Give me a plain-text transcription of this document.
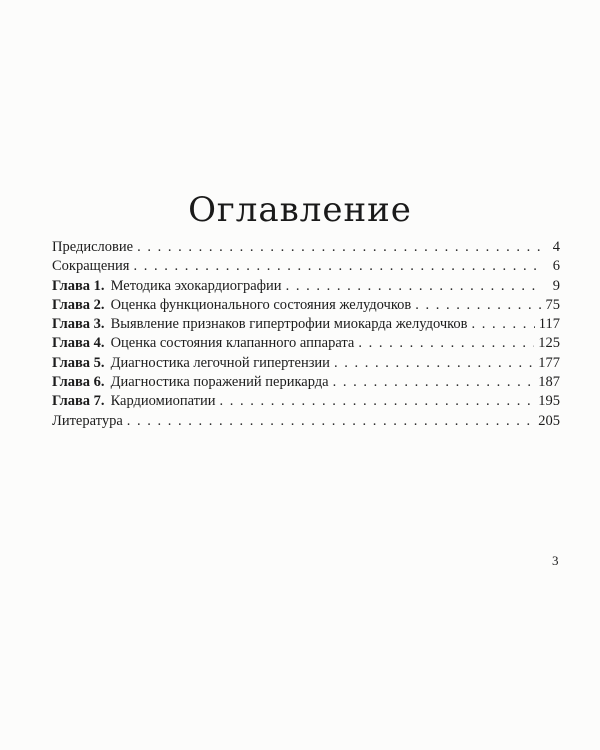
Оглавление
Предисловие . . .	4
Сокращения . . .	6
Глава 1. Методика эхокардиографии . . .	9
Глава 2. Оценка функционального состояния желудочков . . .	75
Глава 3. Выявление признаков гипертрофии миокарда желудочков . . .	117
Глава 4. Оценка состояния клапанного аппарата . . .	125
Глава 5. Диагностика легочной гипертензии . . .	177
Глава 6. Диагностика поражений перикарда . . .	187
Глава 7. Кардиомиопатии . . .	195
Литература . . .	205
3
